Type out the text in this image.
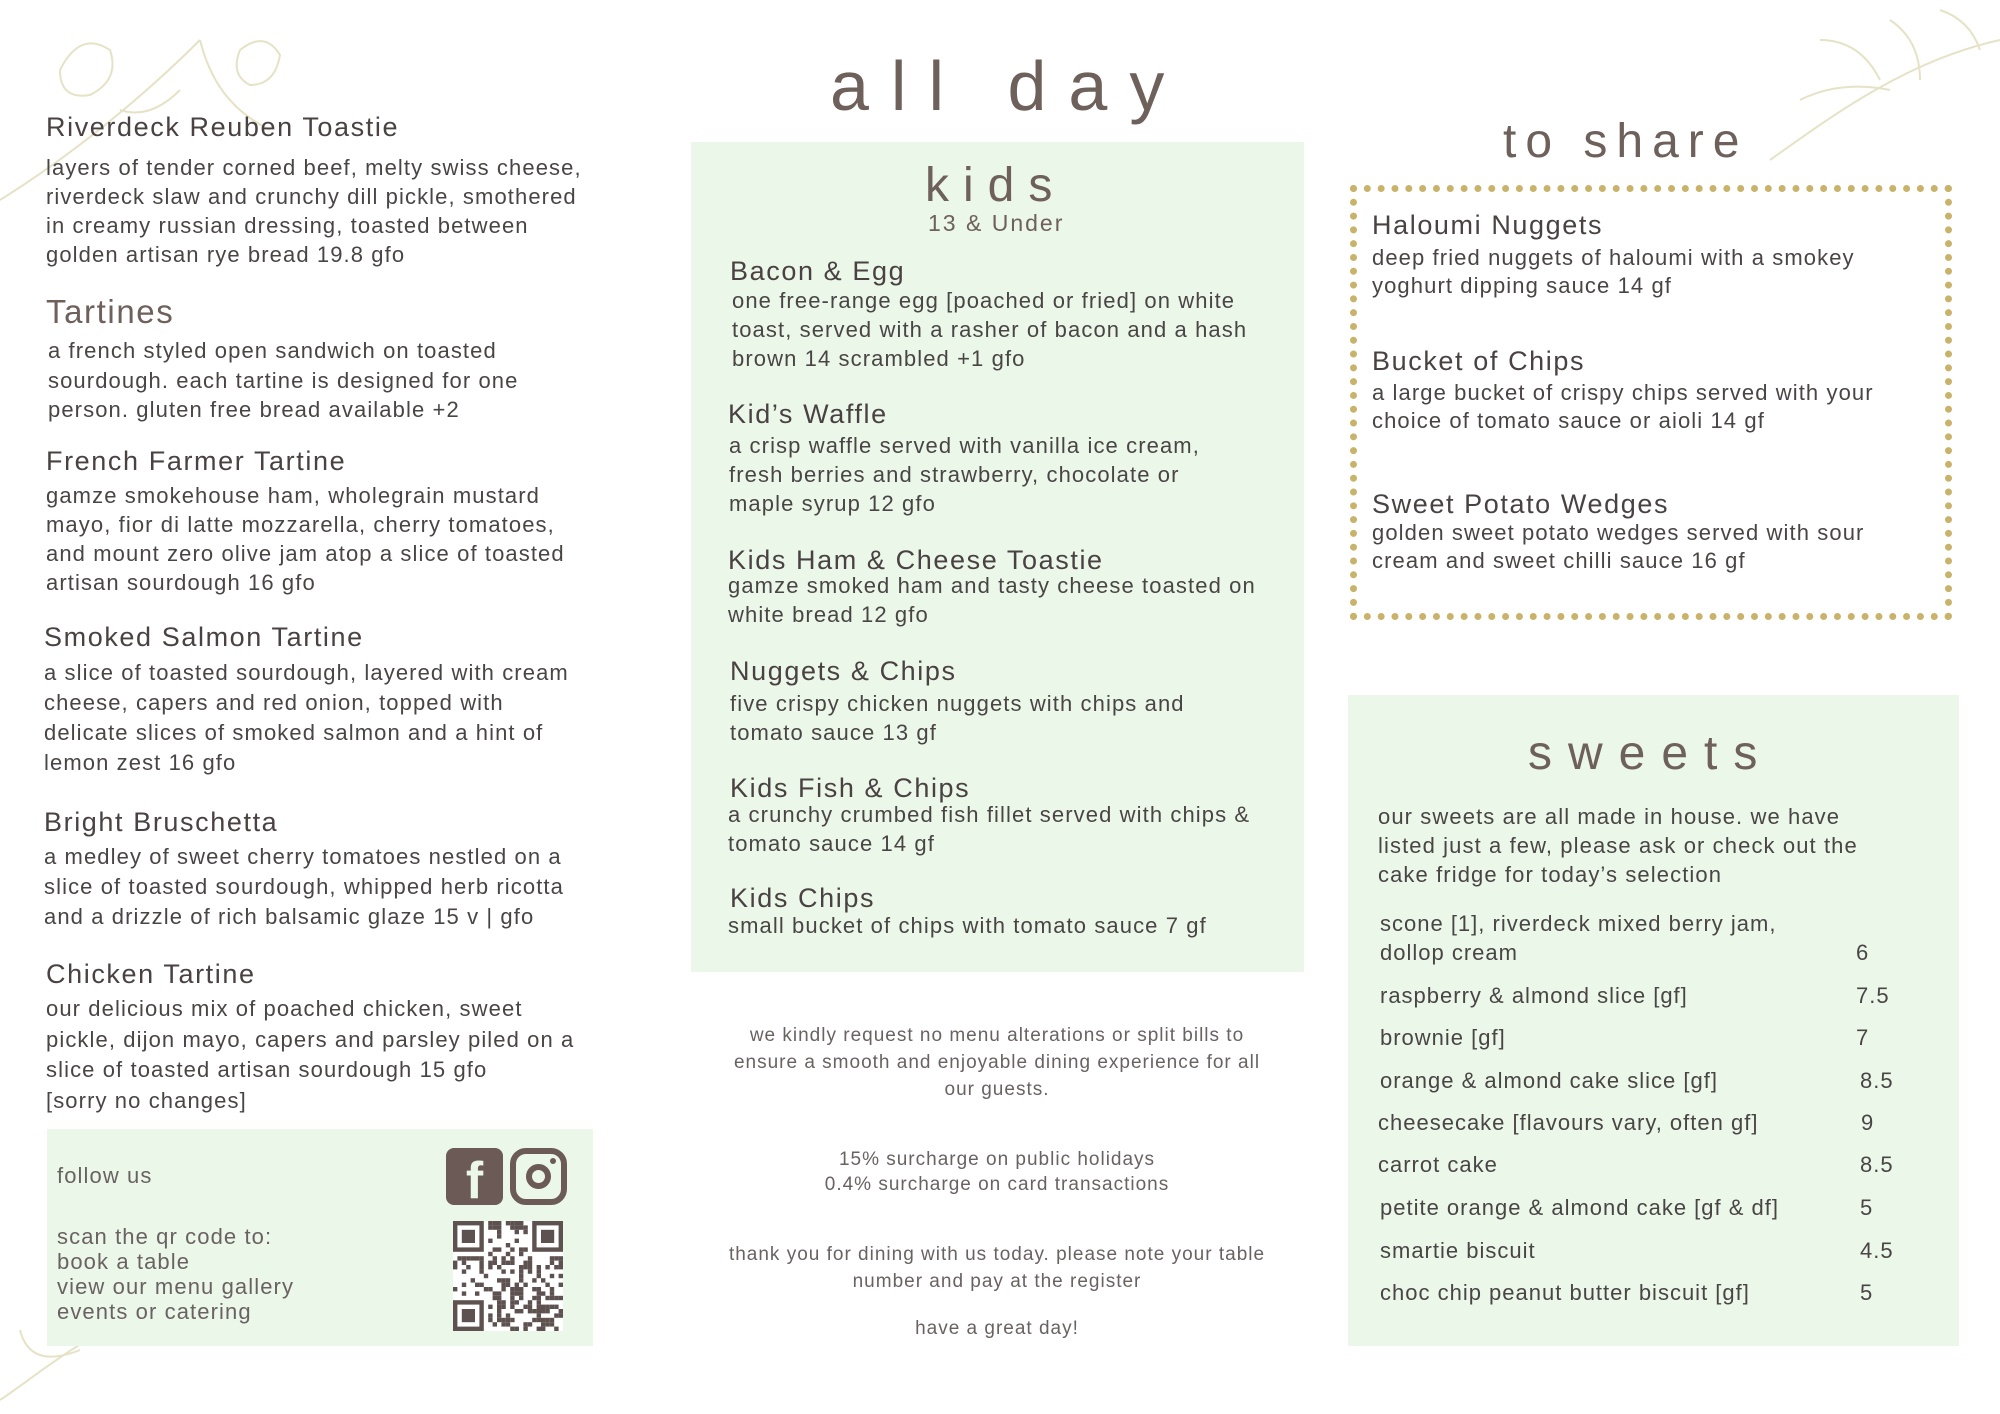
all day
Riverdeck Reuben Toastie
layers of tender corned beef, melty swiss cheese,
riverdeck slaw and crunchy dill pickle, smothered
in creamy russian dressing, toasted between
golden artisan rye bread 19.8 gfo
Tartines
a french styled open sandwich on toasted
sourdough. each tartine is designed for one
person. gluten free bread available +2
French Farmer Tartine
gamze smokehouse ham, wholegrain mustard
mayo, fior di latte mozzarella, cherry tomatoes,
and mount zero olive jam atop a slice of toasted
artisan sourdough 16 gfo
Smoked Salmon Tartine
a slice of toasted sourdough, layered with cream
cheese, capers and red onion, topped with
delicate slices of smoked salmon and a hint of
lemon zest 16 gfo
Bright Bruschetta
a medley of sweet cherry tomatoes nestled on a
slice of toasted sourdough, whipped herb ricotta
and a drizzle of rich balsamic glaze 15 v | gfo
Chicken Tartine
our delicious mix of poached chicken, sweet
pickle, dijon mayo, capers and parsley piled on a
slice of toasted artisan sourdough 15 gfo
[sorry no changes]
follow us
scan the qr code to:
book a table
view our menu gallery
events or catering
f
kids
13 & Under
Bacon & Egg
one free-range egg [poached or fried] on white
toast, served with a rasher of bacon and a hash
brown 14 scrambled +1 gfo
Kid’s Waffle
a crisp waffle served with vanilla ice cream,
fresh berries and strawberry, chocolate or
maple syrup 12 gfo
Kids Ham & Cheese Toastie
gamze smoked ham and tasty cheese toasted on
white bread 12 gfo
Nuggets & Chips
five crispy chicken nuggets with chips and
tomato sauce 13 gf
Kids Fish & Chips
a crunchy crumbed fish fillet served with chips &
tomato sauce 14 gf
Kids Chips
small bucket of chips with tomato sauce 7 gf
we kindly request no menu alterations or split bills to
ensure a smooth and enjoyable dining experience for all
our guests.
15% surcharge on public holidays
0.4% surcharge on card transactions
thank you for dining with us today. please note your table
number and pay at the register
have a great day!
to share
Haloumi Nuggets
deep fried nuggets of haloumi with a smokey
yoghurt dipping sauce 14 gf
Bucket of Chips
a large bucket of crispy chips served with your
choice of tomato sauce or aioli 14 gf
Sweet Potato Wedges
golden sweet potato wedges served with sour
cream and sweet chilli sauce 16 gf
sweets
our sweets are all made in house. we have
listed just a few, please ask or check out the
cake fridge for today’s selection
scone [1], riverdeck mixed berry jam,
dollop cream	6
raspberry & almond slice [gf]	7.5
brownie [gf]	7
orange & almond cake slice [gf]	8.5
cheesecake [flavours vary, often gf]	9
carrot cake	8.5
petite orange & almond cake [gf & df]	5
smartie biscuit	4.5
choc chip peanut butter biscuit [gf]	5
